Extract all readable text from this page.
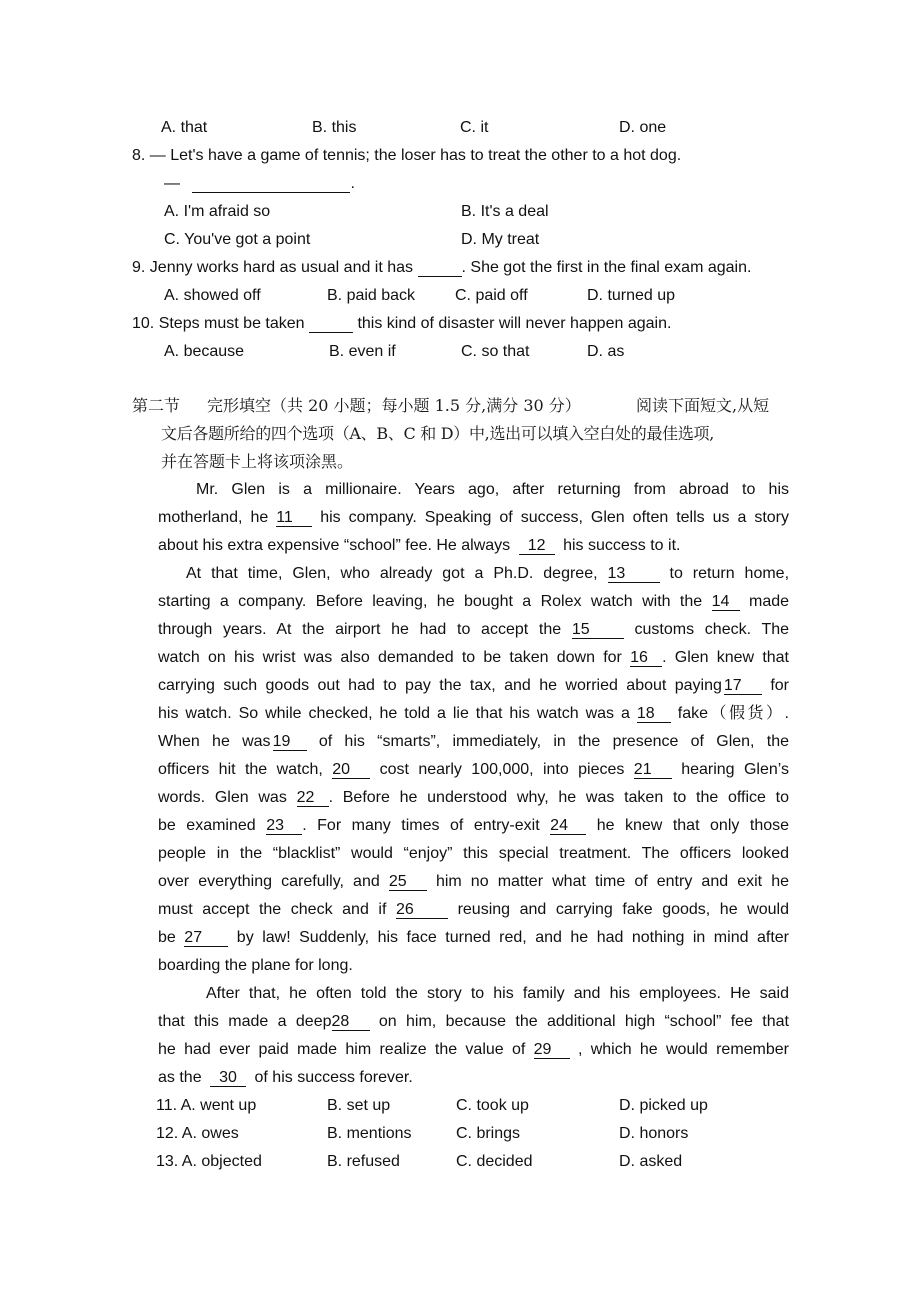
A. that	B. this	C. it	D. one
8. — Let's have a game of tennis; the loser has to treat the other to a hot dog.
—	.
A. I'm afraid so	B. It's a deal
C. You've got a point	D. My treat
9. Jenny works hard as usual and it has	. She got the first in the final exam again.
A. showed off	B. paid back C. paid off	D. turned up
10. Steps must be taken	this kind of disaster will never happen again.
A. because	B. even if	C. so that	D. as
第二节 完形填空（共 20 小题；每小题 1.5 分,满分 30 分）	阅读下面短文,从短
文后各题所给的四个选项（A、B、C 和 D）中,选出可以填入空白处的最佳选项,
并在答题卡上将该项涂黑。
Mr. Glen is a millionaire. Years ago, after returning from abroad to his
motherland, he 11 his company. Speaking of success, Glen often tells us a story
about his extra expensive “school” fee. He always 12 his success to it.
At that time, Glen, who already got a Ph.D. degree, 13	to return home,
starting a company. Before leaving, he bought a Rolex watch with the 14 made
through years. At the airport he had to accept the 15	customs check. The
watch on his wrist was also demanded to be taken down for 16 . Glen knew that
carrying such goods out had to pay the tax, and he worried about paying 17 for
his watch. So while checked, he told a lie that his watch was a 18 fake（假货）.
When he was 19 of his “smarts”, immediately, in the presence of Glen, the
officers hit the watch, 20 cost nearly 100,000, into pieces 21 hearing Glen’s
words. Glen was 22 . Before he understood why, he was taken to the office to
be examined 23 . For many times of entry-exit 24 he knew that only those
people in the “blacklist” would “enjoy” this special treatment. The officers looked
over everything carefully, and 25 him no matter what time of entry and exit he
must accept the check and if 26	reusing and carrying fake goods, he would
be 27 by law! Suddenly, his face turned red, and he had nothing in mind after
boarding the plane for long.
After that, he often told the story to his family and his employees. He said
that this made a deep28 on him, because the additional high “school” fee that
he had ever paid made him realize the value of 29 , which he would remember
as the 30 of his success forever.
11. A. went up	B. set up	C. took up	D. picked up
12. A. owes	B. mentions	C. brings	D. honors
13. A. objected	B. refused	C. decided	D. asked
